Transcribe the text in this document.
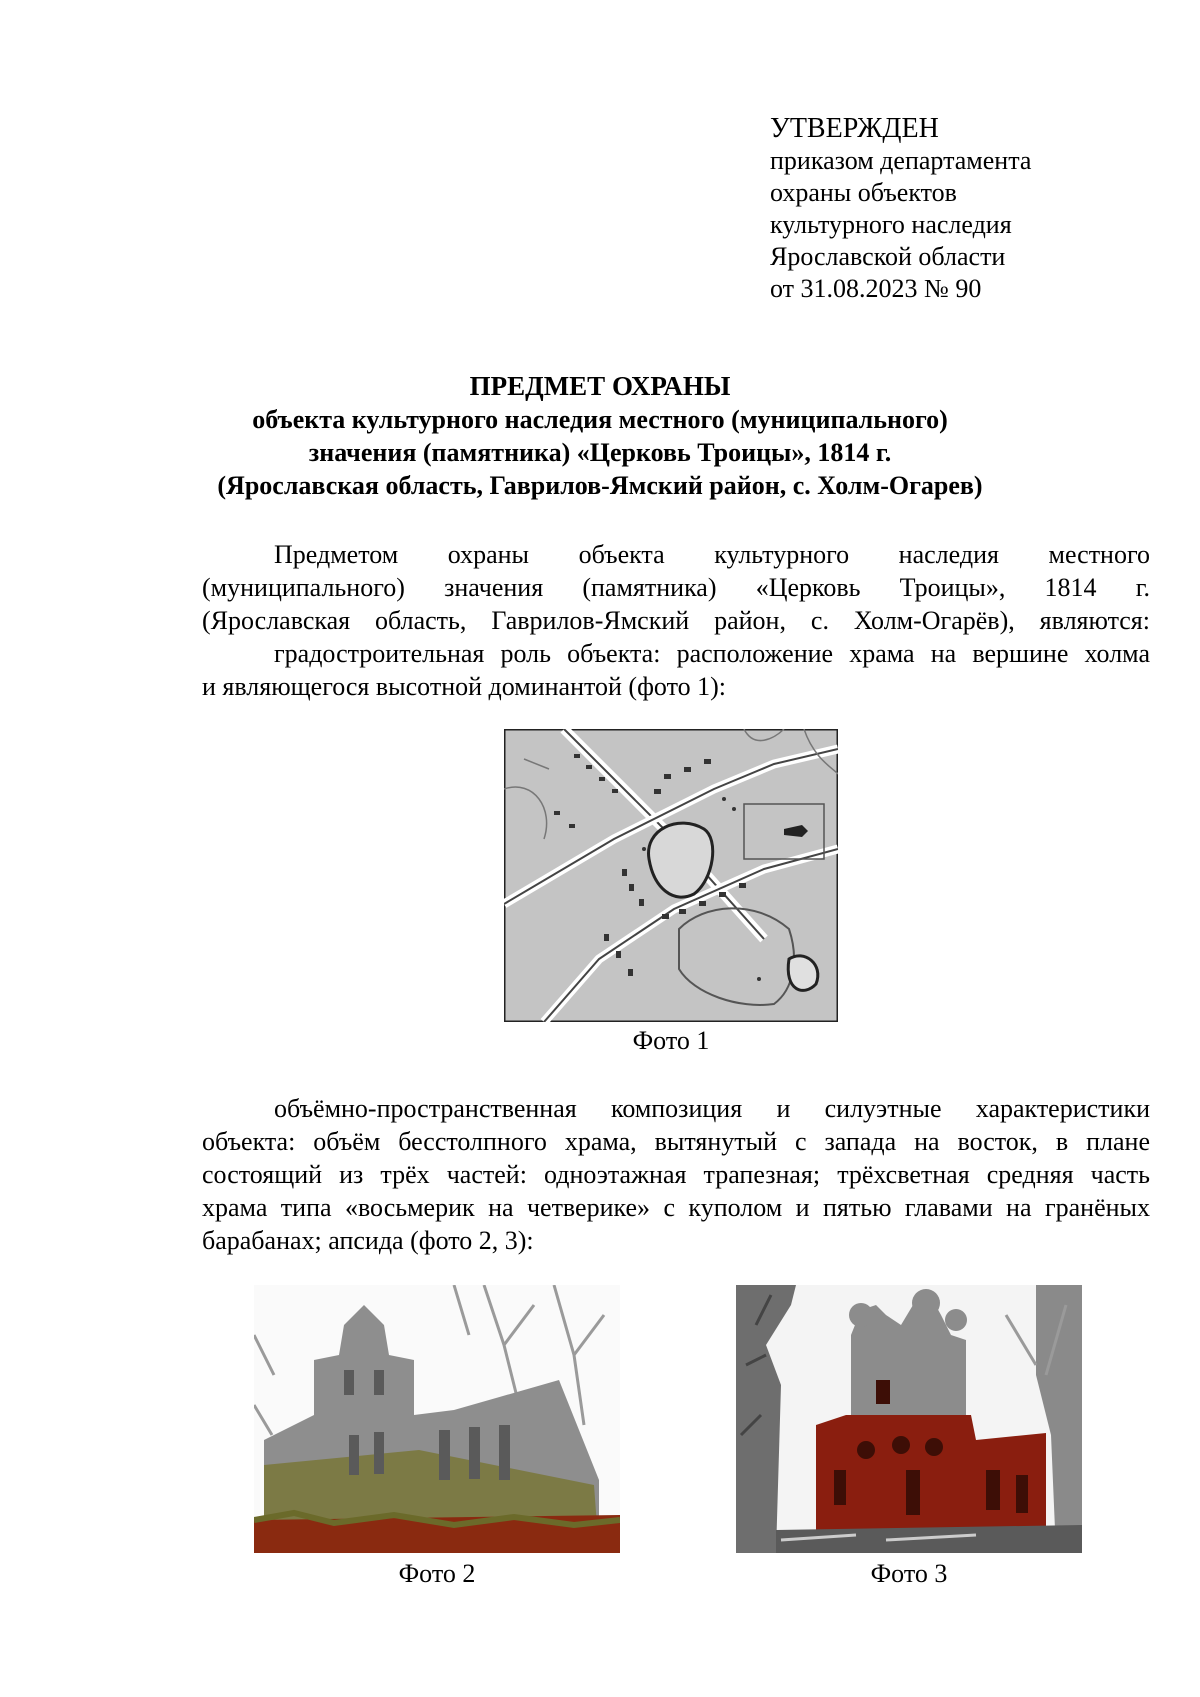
УТВЕРЖДЕН
приказом департамента
охраны объектов
культурного наследия
Ярославской области
от 31.08.2023 № 90
ПРЕДМЕТ ОХРАНЫ
объекта культурного наследия местного (муниципального)
значения (памятника) «Церковь Троицы», 1814 г.
(Ярославская область, Гаврилов-Ямский район, с. Холм-Огарев)
Предметом охраны объекта культурного наследия местного
(муниципального) значения (памятника) «Церковь Троицы», 1814 г.
(Ярославская область, Гаврилов-Ямский район, с. Холм-Огарёв), являются:
градостроительная роль объекта: расположение храма на вершине холма
и являющегося высотной доминантой (фото 1):
Фото 1
объёмно-пространственная композиция и силуэтные характеристики
объекта: объём бесстолпного храма, вытянутый с запада на восток, в плане
состоящий из трёх частей: одноэтажная трапезная; трёхсветная средняя часть
храма типа «восьмерик на четверике» с куполом и пятью главами на гранёных
барабанах; апсида (фото 2, 3):
Фото 2	Фото 3
